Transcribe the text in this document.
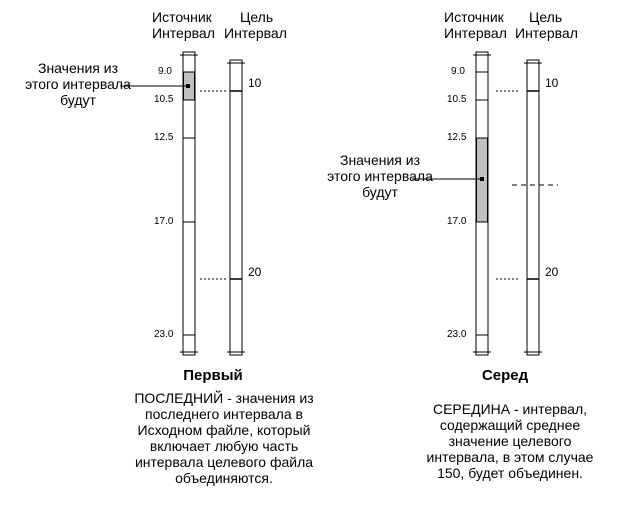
Источник
Интервал
Цель
Интервал
9.0
10.5
12.5
17.0
23.0
10
20
Значения из
этого интервала
будут
Первый
ПОСЛЕДНИЙ - значения из
последнего интервала в
Исходном файле, который
включает любую часть
интервала целевого файла
объединяются.
Источник
Интервал
Цель
Интервал
9.0
10.5
12.5
17.0
23.0
10
20
Значения из
этого интервала
будут
Серед
СЕРЕДИНА - интервал,
содержащий среднее
значение целевого
интервала, в этом случае
150, будет объединен.
